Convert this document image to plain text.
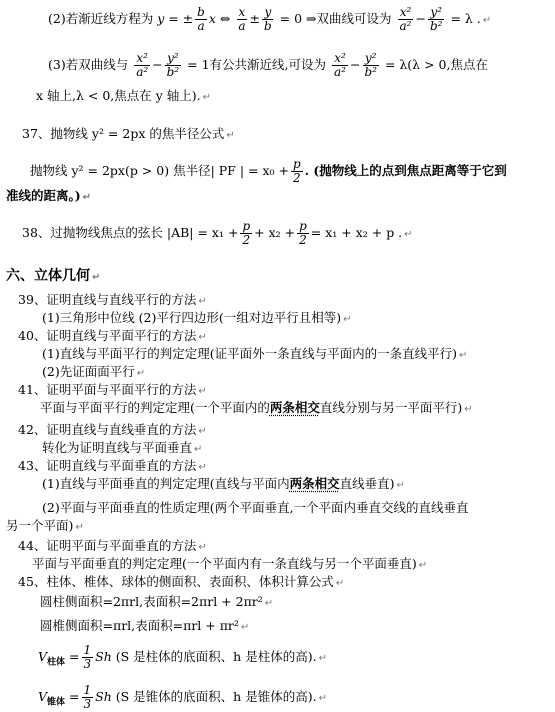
(2)若渐近线方程为 y = ± $\frac{b}{a}$ x ⇔ $\frac{x}{a} \pm \frac{y}{b} = 0$ ⇒双曲线可设为 $\frac{\text{x²}}{\text{a²}} - \frac{\text{y²}}{\text{b²}} = \lambda$ . ↵
(3)若双曲线与 $\frac{\text{x²}}{\text{a²}} - \frac{\text{y²}}{\text{b²}} = 1$有公共渐近线,可设为 $\frac{\text{x²}}{\text{a²}} - \frac{\text{y²}}{\text{b²}} = \lambda(\lambda > 0$,焦点在
x 轴上,λ < 0,焦点在 y 轴上). ↵
37、抛物线 y² = 2px 的焦半径公式 ↵
抛物线 y² = 2px(p > 0) 焦半径| PF | = $x_0 + \frac{p}{2}$ . (抛物线上的点到焦点距离等于它到
准线的距离。) ↵
38、过抛物线焦点的弦长 $|AB| = x_1 + \frac{p}{2} + x_2 + \frac{p}{2} = x_1 + x_2 + p$ . ↵
六、立体几何 ↵
39、证明直线与直线平行的方法 ↵
(1)三角形中位线 (2)平行四边形(一组对边平行且相等) ↵
40、证明直线与平面平行的方法 ↵
(1)直线与平面平行的判定定理(证平面外一条直线与平面内的一条直线平行) ↵
(2)先证面面平行 ↵
41、证明平面与平面平行的方法 ↵
平面与平面平行的判定定理(一个平面内的两条相交直线分别与另一平面平行) ↵
42、证明直线与直线垂直的方法 ↵
转化为证明直线与平面垂直 ↵
43、证明直线与平面垂直的方法 ↵
(1)直线与平面垂直的判定定理(直线与平面内两条相交直线垂直) ↵
(2)平面与平面垂直的性质定理(两个平面垂直,一个平面内垂直交线的直线垂直
另一个平面) ↵
44、证明平面与平面垂直的方法 ↵
平面与平面垂直的判定定理(一个平面内有一条直线与另一个平面垂直) ↵
45、柱体、椎体、球体的侧面积、表面积、体积计算公式 ↵
圆柱侧面积=2πrl,表面积=2πrl + 2πr² ↵
圆椎侧面积=πrl,表面积=πrl + πr² ↵
$V_{柱体} = \frac{1}{3}$ Sh (S 是柱体的底面积、h 是柱体的高). ↵
$V_{锥体} = \frac{1}{3}$ Sh (S 是锥体的底面积、h 是锥体的高). ↵
